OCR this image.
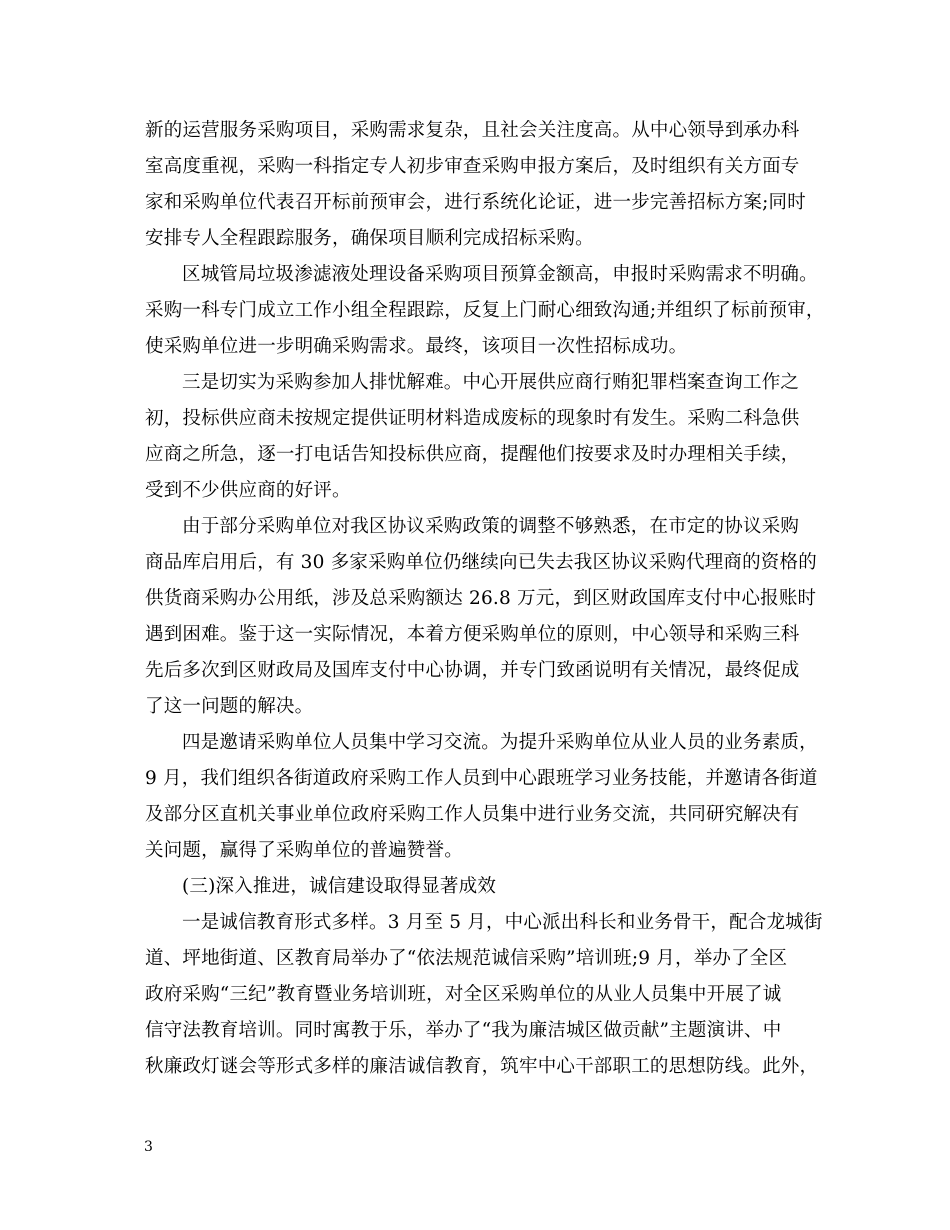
新的运营服务采购项目，采购需求复杂，且社会关注度高。从中心领导到承办科
室高度重视，采购一科指定专人初步审查采购申报方案后，及时组织有关方面专
家和采购单位代表召开标前预审会，进行系统化论证，进一步完善招标方案;同时
安排专人全程跟踪服务，确保项目顺利完成招标采购。
区城管局垃圾渗滤液处理设备采购项目预算金额高，申报时采购需求不明确。
采购一科专门成立工作小组全程跟踪，反复上门耐心细致沟通;并组织了标前预审，
使采购单位进一步明确采购需求。最终，该项目一次性招标成功。
三是切实为采购参加人排忧解难。中心开展供应商行贿犯罪档案查询工作之
初，投标供应商未按规定提供证明材料造成废标的现象时有发生。采购二科急供
应商之所急，逐一打电话告知投标供应商，提醒他们按要求及时办理相关手续，
受到不少供应商的好评。
由于部分采购单位对我区协议采购政策的调整不够熟悉，在市定的协议采购
商品库启用后，有 30 多家采购单位仍继续向已失去我区协议采购代理商的资格的
供货商采购办公用纸，涉及总采购额达 26.8 万元，到区财政国库支付中心报账时
遇到困难。鉴于这一实际情况，本着方便采购单位的原则，中心领导和采购三科
先后多次到区财政局及国库支付中心协调，并专门致函说明有关情况，最终促成
了这一问题的解决。
四是邀请采购单位人员集中学习交流。为提升采购单位从业人员的业务素质，
9 月，我们组织各街道政府采购工作人员到中心跟班学习业务技能，并邀请各街道
及部分区直机关事业单位政府采购工作人员集中进行业务交流，共同研究解决有
关问题，赢得了采购单位的普遍赞誉。
(三)深入推进，诚信建设取得显著成效
一是诚信教育形式多样。3 月至 5 月，中心派出科长和业务骨干，配合龙城街
道、坪地街道、区教育局举办了“依法规范诚信采购”培训班;9 月，举办了全区
政府采购“三纪”教育暨业务培训班，对全区采购单位的从业人员集中开展了诚
信守法教育培训。同时寓教于乐，举办了“我为廉洁城区做贡献”主题演讲、中
秋廉政灯谜会等形式多样的廉洁诚信教育，筑牢中心干部职工的思想防线。此外，
3
